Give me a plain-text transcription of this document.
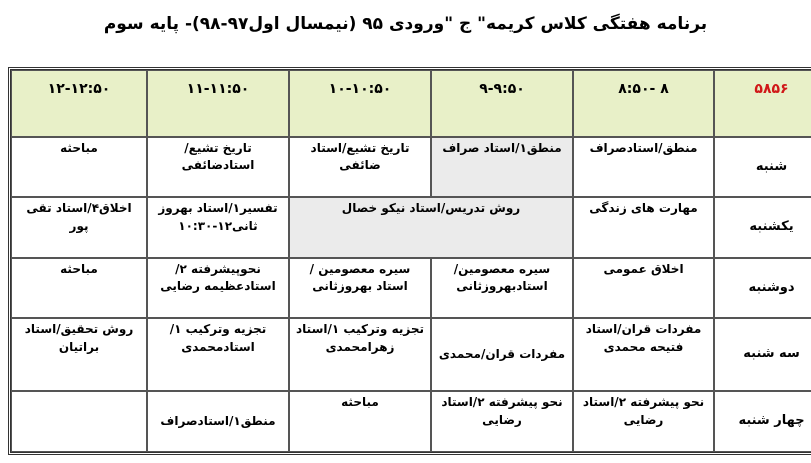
برنامه هفتگی کلاس کریمه" ج "ورودی ۹۵ (نیمسال اول۹۷-۹۸)- پایه سوم
۵۸۵۶	۸ -۸:۵۰	۹-۹:۵۰	۱۰-۱۰:۵۰	۱۱-۱۱:۵۰	۱۲-۱۲:۵۰
شنبه	منطق/استادصراف	منطق۱/استاد صراف	تاریخ تشیع/استاد ضائفی	تاریخ تشیع/استادضائفی	مباحثه
یکشنبه	مهارت های زندگی	روش تدریس/استاد نیکو خصال		تفسیر۱/استاد بهروز ثانی۱۲-۱۰:۳۰	اخلاق۴/استاد تقی پور
دوشنبه	اخلاق عمومی	سیره معصومین/استادبهروزثانی	سیره معصومین /استاد بهروزثانی	نحوپیشرفته ۲/استادعظیمه رضایی	مباحثه
سه شنبه	مفردات قران/استاد فتیحه محمدی	مفردات قران/محمدی	تجزیه وترکیب ۱/استاد زهرامحمدی	تجزیه وترکیب ۱/استادمحمدی	روش تحقیق/استاد براتیان
چهار شنبه	نحو پیشرفته ۲/استاد رضایی	نحو پیشرفته ۲/استاد رضایی	مباحثه	منطق۱/استادصراف	
